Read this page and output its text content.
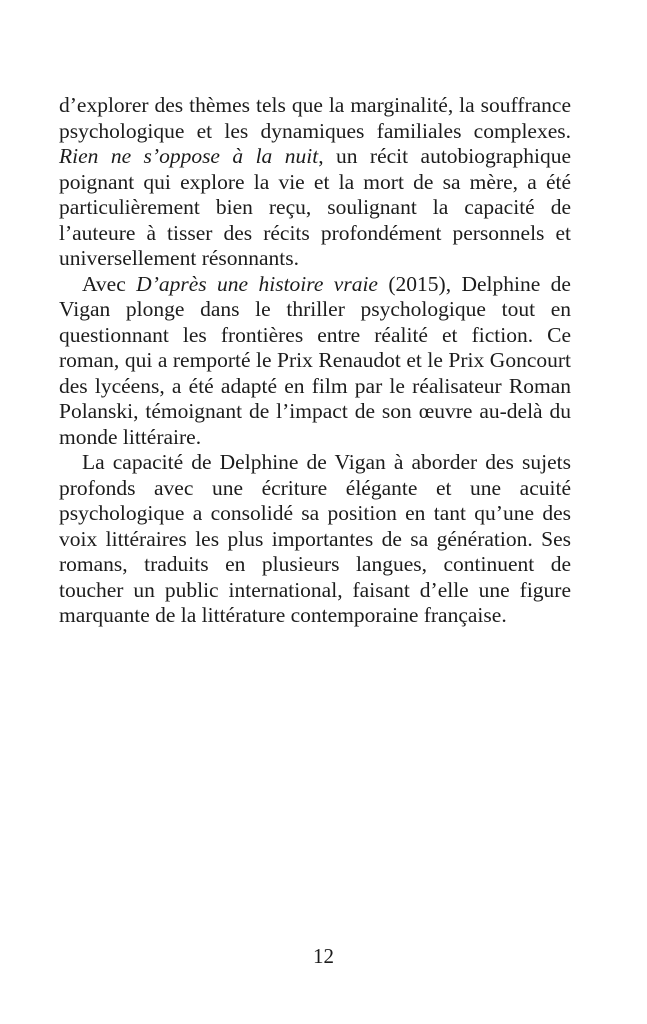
d’explorer des thèmes tels que la marginalité, la souffrance psychologique et les dynamiques familiales complexes. Rien ne s’oppose à la nuit, un récit autobiographique poignant qui explore la vie et la mort de sa mère, a été particulièrement bien reçu, soulignant la capacité de l’auteure à tisser des récits profondément personnels et universellement résonnants.

Avec D’après une histoire vraie (2015), Delphine de Vigan plonge dans le thriller psychologique tout en questionnant les frontières entre réalité et fiction. Ce roman, qui a remporté le Prix Renaudot et le Prix Goncourt des lycéens, a été adapté en film par le réalisateur Roman Polanski, témoignant de l’impact de son œuvre au-delà du monde littéraire.

La capacité de Delphine de Vigan à aborder des sujets profonds avec une écriture élégante et une acuité psychologique a consolidé sa position en tant qu’une des voix littéraires les plus importantes de sa génération. Ses romans, traduits en plusieurs langues, continuent de toucher un public international, faisant d’elle une figure marquante de la littérature contemporaine française.

12
